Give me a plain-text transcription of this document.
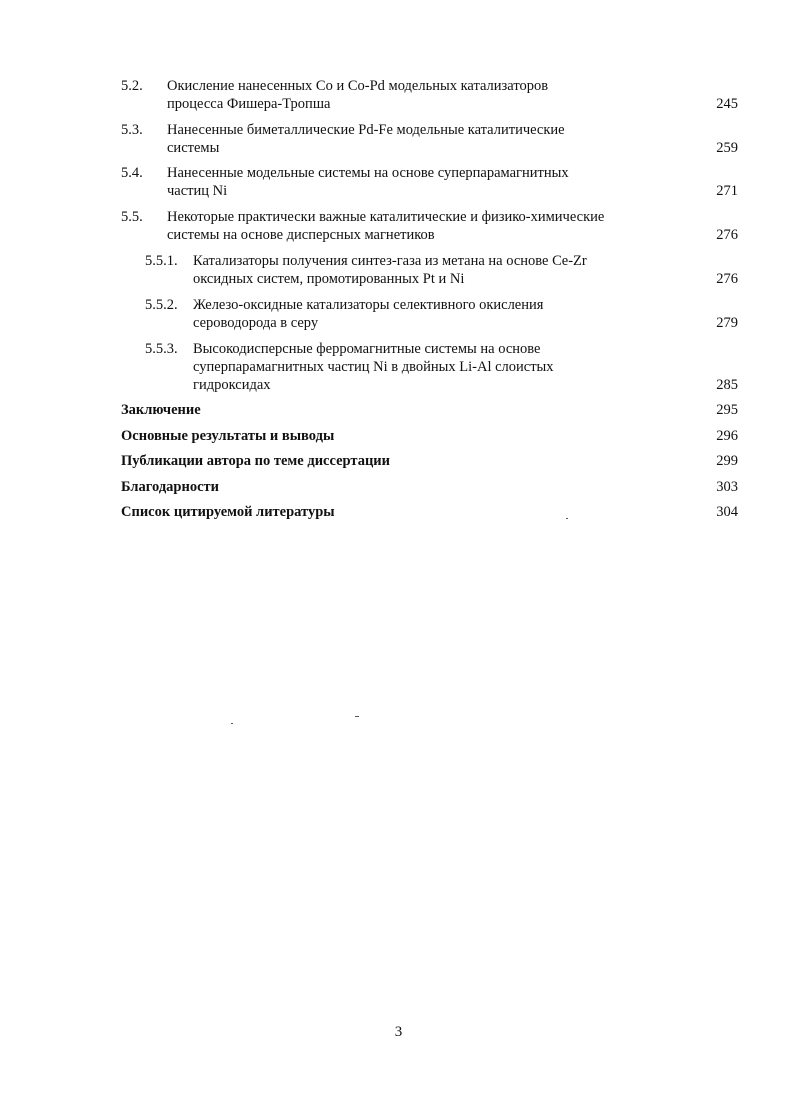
5.2. Окисление нанесенных Co и Co-Pd модельных катализаторов
процесса Фишера-Тропша	245
5.3. Нанесенные биметаллические Pd-Fe модельные каталитические
системы	259
5.4. Нанесенные модельные системы на основе суперпарамагнитных
частиц Ni	271
5.5. Некоторые практически важные каталитические и физико-химические
системы на основе дисперсных магнетиков	276
5.5.1. Катализаторы получения синтез-газа из метана на основе Ce-Zr
оксидных систем, промотированных Pt и Ni	276
5.5.2. Железо-оксидные катализаторы селективного окисления
сероводорода в серу	279
5.5.3. Высокодисперсные ферромагнитные системы на основе
суперпарамагнитных частиц Ni в двойных Li-Al слоистых
гидроксидах	285
Заключение	295
Основные результаты и выводы	296
Публикации автора по теме диссертации	299
Благодарности	303
Список цитируемой литературы	304
3
